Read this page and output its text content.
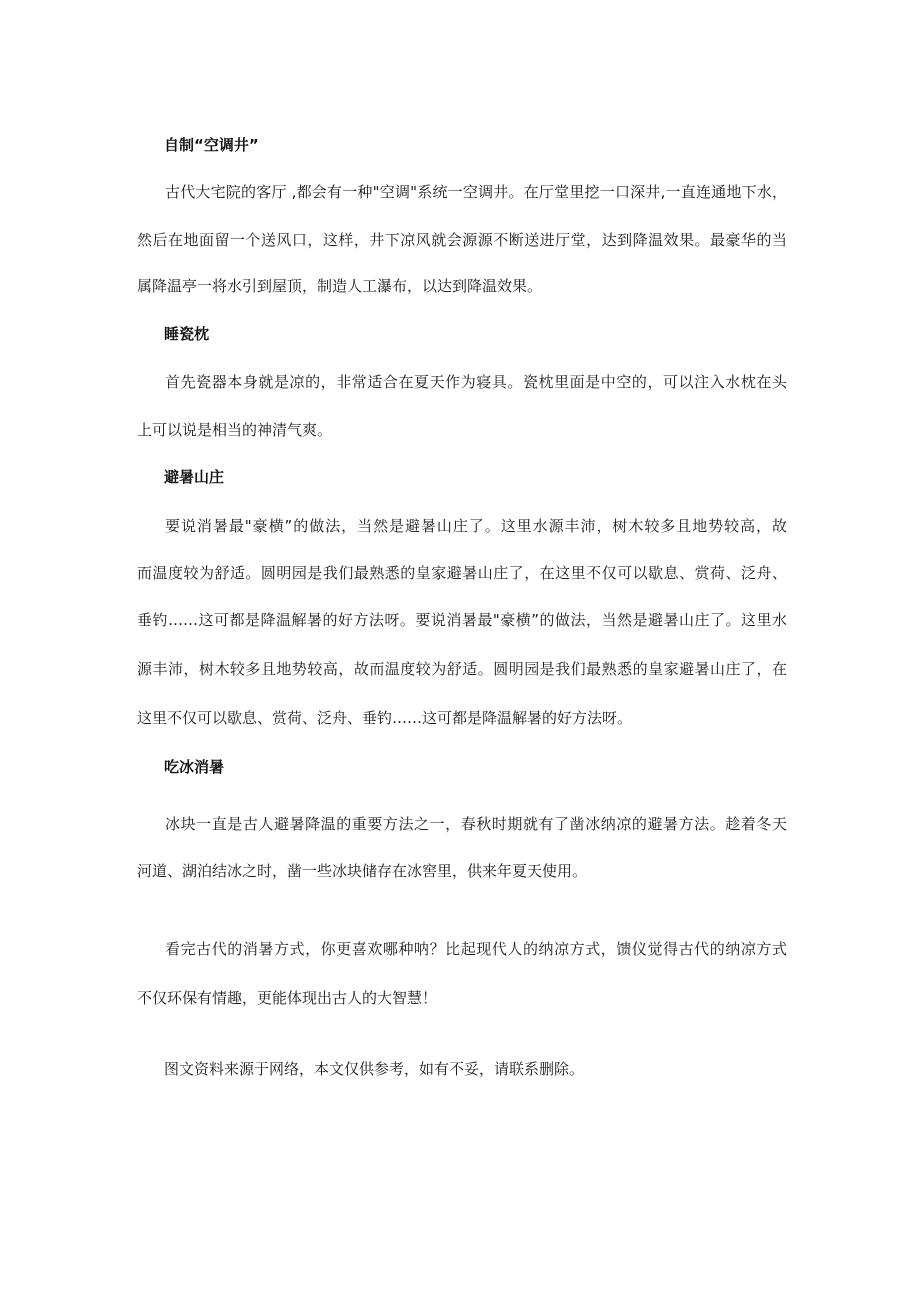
自制“空调井”
古代大宅院的客厅 ,都会有一种"空调"系统一空调井。在厅堂里挖一口深井,一直连通地下水，
然后在地面留一个送风口，这样，井下凉风就会源源不断送进厅堂，达到降温效果。最豪华的当
属降温亭一将水引到屋顶，制造人工瀑布，以达到降温效果。
睡瓷枕
首先瓷器本身就是凉的，非常适合在夏天作为寝具。瓷枕里面是中空的，可以注入水枕在头
上可以说是相当的神清气爽。
避暑山庄
要说消暑最"豪横”的做法，当然是避暑山庄了。这里水源丰沛，树木较多且地势较高，故
而温度较为舒适。圆明园是我们最熟悉的皇家避暑山庄了，在这里不仅可以歇息、赏荷、泛舟、
垂钓……这可都是降温解暑的好方法呀。要说消暑最"豪横”的做法，当然是避暑山庄了。这里水
源丰沛，树木较多且地势较高，故而温度较为舒适。圆明园是我们最熟悉的皇家避暑山庄了，在
这里不仅可以歇息、赏荷、泛舟、垂钓……这可都是降温解暑的好方法呀。
吃冰消暑
冰块一直是古人避暑降温的重要方法之一，春秋时期就有了凿冰纳凉的避暑方法。趁着冬天
河道、湖泊结冰之时，凿一些冰块储存在冰窖里，供来年夏天使用。
看完古代的消暑方式，你更喜欢哪种呐？比起现代人的纳凉方式，馈仪觉得古代的纳凉方式
不仅环保有情趣，更能体现出古人的大智慧！
图文资料来源于网络，本文仅供参考，如有不妥，请联系删除。
